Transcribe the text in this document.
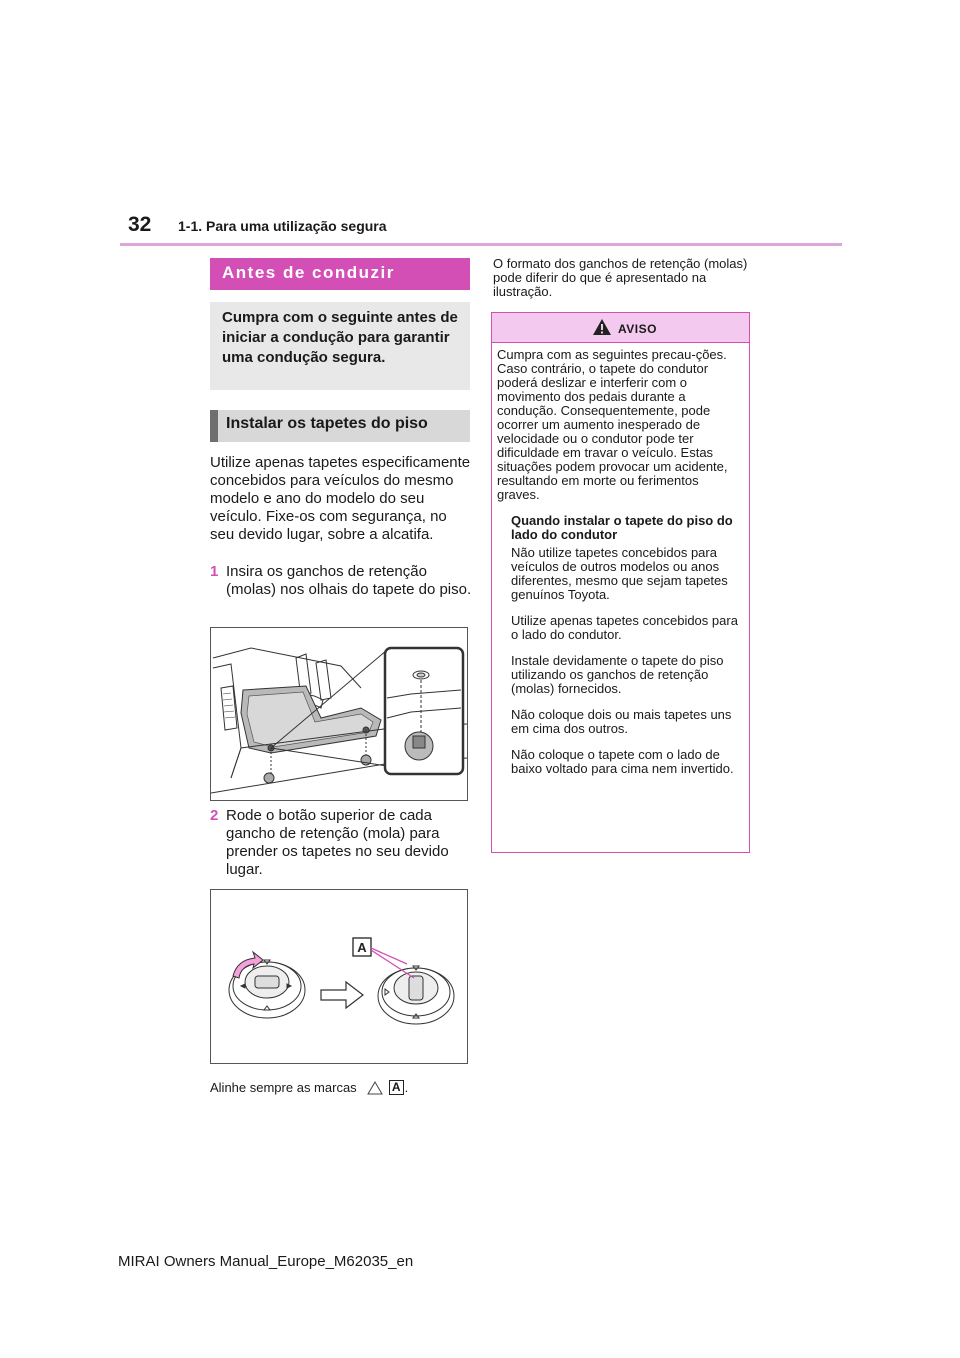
32 1-1. Para uma utilização segura
Antes de conduzir
Cumpra com o seguinte antes de iniciar a condução para garantir uma condução segura.
Instalar os tapetes do piso
Utilize apenas tapetes especificamente concebidos para veículos do mesmo modelo e ano do modelo do seu veículo. Fixe-os com segurança, no seu devido lugar, sobre a alcatifa.
1 Insira os ganchos de retenção (molas) nos olhais do tapete do piso.
2 Rode o botão superior de cada gancho de retenção (mola) para prender os tapetes no seu devido lugar.
A
Alinhe sempre as marcas	A .
O formato dos ganchos de retenção (molas) pode diferir do que é apresentado na ilustração.
AVISO

Cumpra com as seguintes precau-ções. Caso contrário, o tapete do condutor poderá deslizar e interferir com o movimento dos pedais durante a condução. Consequentemente, pode ocorrer um aumento inesperado de velocidade ou o condutor pode ter dificuldade em travar o veículo. Estas situações podem provocar um acidente, resultando em morte ou ferimentos graves.

Quando instalar o tapete do piso do lado do condutor

Não utilize tapetes concebidos para veículos de outros modelos ou anos diferentes, mesmo que sejam tapetes genuínos Toyota.

Utilize apenas tapetes concebidos para o lado do condutor.

Instale devidamente o tapete do piso utilizando os ganchos de retenção (molas) fornecidos.

Não coloque dois ou mais tapetes uns em cima dos outros.

Não coloque o tapete com o lado de baixo voltado para cima nem invertido.

MIRAI Owners Manual_Europe_M62035_en
